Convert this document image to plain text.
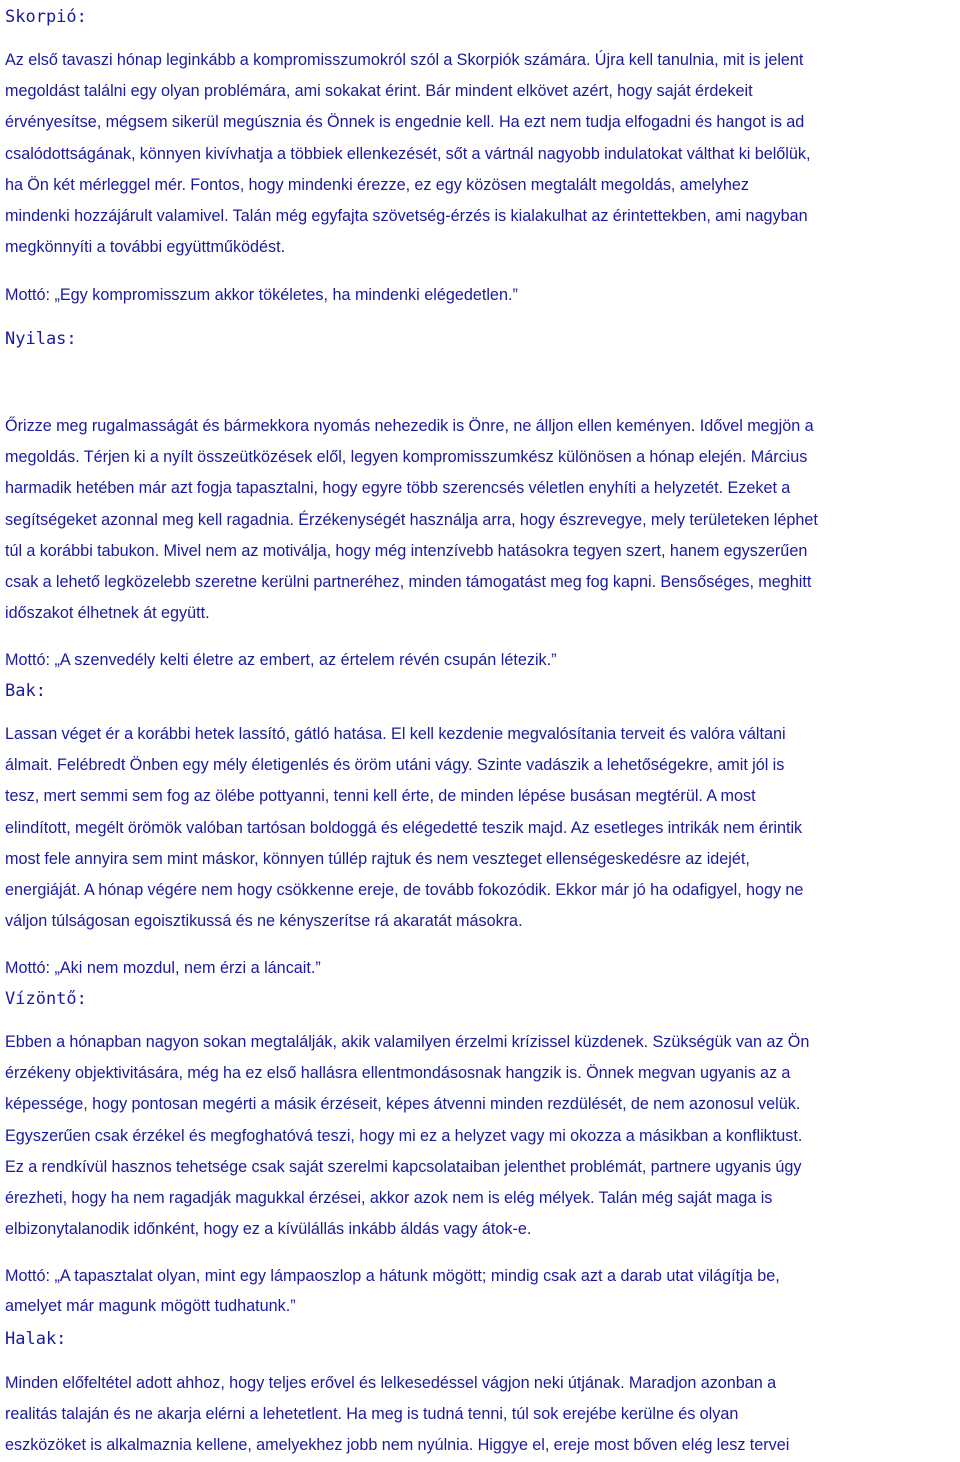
Skorpió:

Az első tavaszi hónap leginkább a kompromisszumokról szól a Skorpiók számára. Újra kell tanulnia, mit is jelent
megoldást találni egy olyan problémára, ami sokakat érint. Bár mindent elkövet azért, hogy saját érdekeit
érvényesítse, mégsem sikerül megúsznia és Önnek is engednie kell. Ha ezt nem tudja elfogadni és hangot is ad
csalódottságának, könnyen kivívhatja a többiek ellenkezését, sőt a vártnál nagyobb indulatokat válthat ki belőlük,
ha Ön két mérleggel mér. Fontos, hogy mindenki érezze, ez egy közösen megtalált megoldás, amelyhez
mindenki hozzájárult valamivel. Talán még egyfajta szövetség-érzés is kialakulhat az érintettekben, ami nagyban
megkönnyíti a további együttműködést.

Mottó: „Egy kompromisszum akkor tökéletes, ha mindenki elégedetlen.”

Nyilas:

Őrizze meg rugalmasságát és bármekkora nyomás nehezedik is Önre, ne álljon ellen keményen. Idővel megjön a
megoldás. Térjen ki a nyílt összeütközések elől, legyen kompromisszumkész különösen a hónap elején. Március
harmadik hetében már azt fogja tapasztalni, hogy egyre több szerencsés véletlen enyhíti a helyzetét. Ezeket a
segítségeket azonnal meg kell ragadnia. Érzékenységét használja arra, hogy észrevegye, mely területeken léphet
túl a korábbi tabukon. Mivel nem az motiválja, hogy még intenzívebb hatásokra tegyen szert, hanem egyszerűen
csak a lehető legközelebb szeretne kerülni partneréhez, minden támogatást meg fog kapni. Bensőséges, meghitt
időszakot élhetnek át együtt.

Mottó: „A szenvedély kelti életre az embert, az értelem révén csupán létezik.”

Bak:

Lassan véget ér a korábbi hetek lassító, gátló hatása. El kell kezdenie megvalósítania terveit és valóra váltani
álmait. Felébredt Önben egy mély életigenlés és öröm utáni vágy. Szinte vadászik a lehetőségekre, amit jól is
tesz, mert semmi sem fog az ölébe pottyanni, tenni kell érte, de minden lépése busásan megtérül. A most
elindított, megélt örömök valóban tartósan boldoggá és elégedetté teszik majd. Az esetleges intrikák nem érintik
most fele annyira sem mint máskor, könnyen túllép rajtuk és nem veszteget ellenségeskedésre az idejét,
energiáját. A hónap végére nem hogy csökkenne ereje, de tovább fokozódik. Ekkor már jó ha odafigyel, hogy ne
váljon túlságosan egoisztikussá és ne kényszerítse rá akaratát másokra.

Mottó: „Aki nem mozdul, nem érzi a láncait.”

Vízöntő:

Ebben a hónapban nagyon sokan megtalálják, akik valamilyen érzelmi krízissel küzdenek. Szükségük van az Ön
érzékeny objektivitására, még ha ez első hallásra ellentmondásosnak hangzik is. Önnek megvan ugyanis az a
képessége, hogy pontosan megérti a másik érzéseit, képes átvenni minden rezdülését, de nem azonosul velük.
Egyszerűen csak érzékel és megfoghatóvá teszi, hogy mi ez a helyzet vagy mi okozza a másikban a konfliktust.
Ez a rendkívül hasznos tehetsége csak saját szerelmi kapcsolataiban jelenthet problémát, partnere ugyanis úgy
érezheti, hogy ha nem ragadják magukkal érzései, akkor azok nem is elég mélyek. Talán még saját maga is
elbizonytalanodik időnként, hogy ez a kívülállás inkább áldás vagy átok-e.

Mottó: „A tapasztalat olyan, mint egy lámpaoszlop a hátunk mögött; mindig csak azt a darab utat világítja be,
amelyet már magunk mögött tudhatunk.”

Halak:

Minden előfeltétel adott ahhoz, hogy teljes erővel és lelkesedéssel vágjon neki útjának. Maradjon azonban a
realitás talaján és ne akarja elérni a lehetetlent. Ha meg is tudná tenni, túl sok erejébe kerülne és olyan
eszközöket is alkalmaznia kellene, amelyekhez jobb nem nyúlnia. Higgye el, ereje most bőven elég lesz tervei
